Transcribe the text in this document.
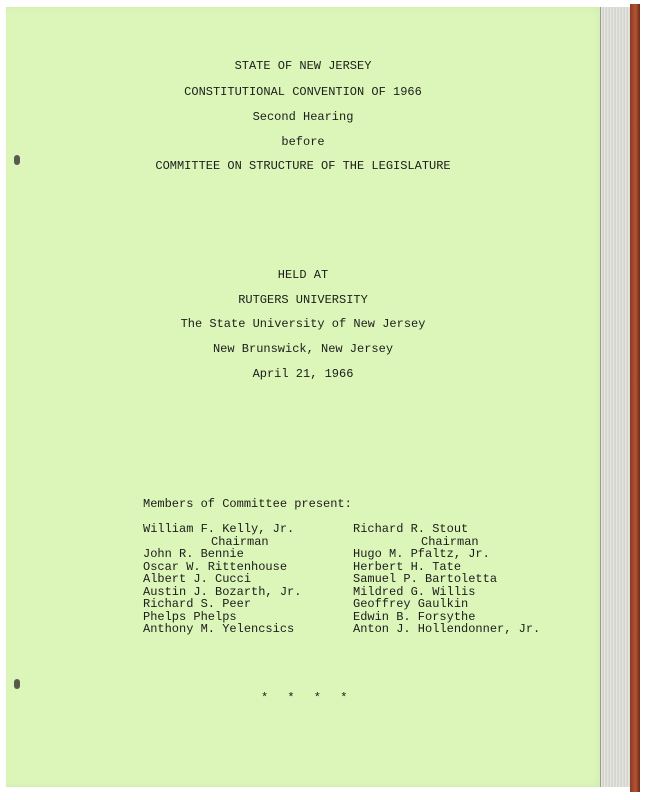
STATE OF NEW JERSEY
CONSTITUTIONAL CONVENTION OF 1966
Second Hearing
before
COMMITTEE ON STRUCTURE OF THE LEGISLATURE
HELD AT
RUTGERS UNIVERSITY
The State University of New Jersey
New Brunswick, New Jersey
April 21, 1966
Members of Committee present:
William F. Kelly, Jr.
Chairman
John R. Bennie
Oscar W. Rittenhouse
Albert J. Cucci
Austin J. Bozarth, Jr.
Richard S. Peer
Phelps Phelps
Anthony M. Yelencsics
Richard R. Stout
Chairman
Hugo M. Pfaltz, Jr.
Herbert H. Tate
Samuel P. Bartoletta
Mildred G. Willis
Geoffrey Gaulkin
Edwin B. Forsythe
Anton J. Hollendonner, Jr.
* * * *
